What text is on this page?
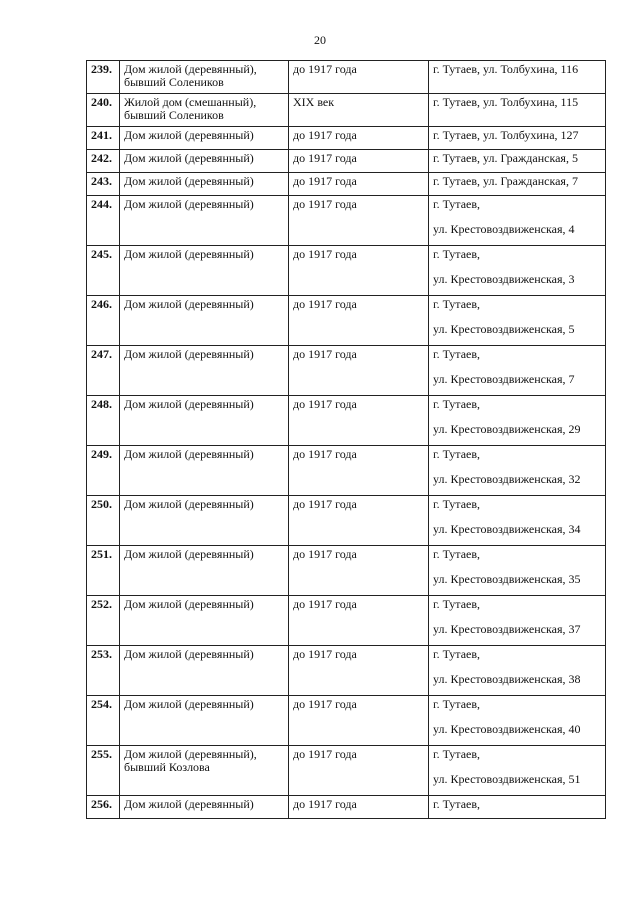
20
239.	Дом жилой (деревянный), бывший Солеников	до 1917 года	г. Тутаев, ул. Толбухина, 116
240.	Жилой дом (смешанный), бывший Солеников	XIX век	г. Тутаев, ул. Толбухина, 115
241.	Дом жилой (деревянный)	до 1917 года	г. Тутаев, ул. Толбухина, 127
242.	Дом жилой (деревянный)	до 1917 года	г. Тутаев, ул. Гражданская, 5
243.	Дом жилой (деревянный)	до 1917 года	г. Тутаев, ул. Гражданская, 7
244.	Дом жилой (деревянный)	до 1917 года	г. Тутаев,
ул. Крестовоздвиженская, 4

245.	Дом жилой (деревянный)	до 1917 года	г. Тутаев,
ул. Крестовоздвиженская, 3

246.	Дом жилой (деревянный)	до 1917 года	г. Тутаев,
ул. Крестовоздвиженская, 5

247.	Дом жилой (деревянный)	до 1917 года	г. Тутаев,
ул. Крестовоздвиженская, 7

248.	Дом жилой (деревянный)	до 1917 года	г. Тутаев,
ул. Крестовоздвиженская, 29

249.	Дом жилой (деревянный)	до 1917 года	г. Тутаев,
ул. Крестовоздвиженская, 32

250.	Дом жилой (деревянный)	до 1917 года	г. Тутаев,
ул. Крестовоздвиженская, 34

251.	Дом жилой (деревянный)	до 1917 года	г. Тутаев,
ул. Крестовоздвиженская, 35

252.	Дом жилой (деревянный)	до 1917 года	г. Тутаев,
ул. Крестовоздвиженская, 37

253.	Дом жилой (деревянный)	до 1917 года	г. Тутаев,
ул. Крестовоздвиженская, 38

254.	Дом жилой (деревянный)	до 1917 года	г. Тутаев,
ул. Крестовоздвиженская, 40

255.	Дом жилой (деревянный), бывший Козлова	до 1917 года	г. Тутаев,
ул. Крестовоздвиженская, 51

256.	Дом жилой (деревянный)	до 1917 года	г. Тутаев,
